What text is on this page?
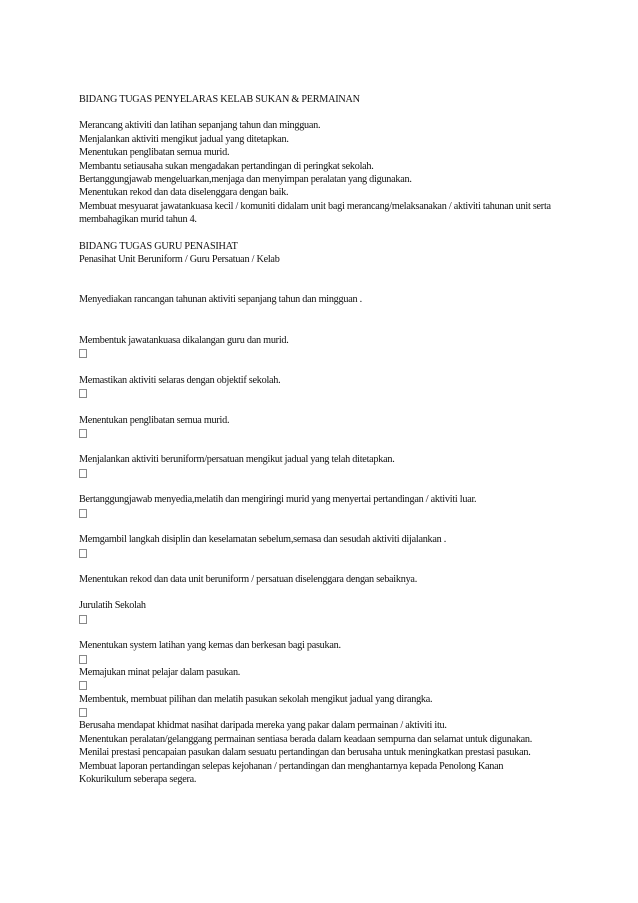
BIDANG TUGAS PENYELARAS KELAB SUKAN & PERMAINAN
Merancang aktiviti dan latihan sepanjang tahun dan mingguan.
Menjalankan aktiviti mengikut jadual yang ditetapkan.
Menentukan penglibatan semua murid.
Membantu setiausaha sukan mengadakan pertandingan di peringkat sekolah.
Bertanggungjawab mengeluarkan,menjaga dan menyimpan peralatan yang digunakan.
Menentukan rekod dan data diselenggara dengan baik.
Membuat mesyuarat jawatankuasa kecil / komuniti didalam unit bagi merancang/melaksanakan / aktiviti tahunan unit serta membahagikan murid tahun 4.
BIDANG TUGAS GURU PENASIHAT
Penasihat Unit Beruniform / Guru Persatuan / Kelab
Menyediakan rancangan tahunan aktiviti sepanjang tahun dan mingguan .
Membentuk jawatankuasa dikalangan guru dan murid.
Memastikan aktiviti selaras dengan objektif sekolah.
Menentukan penglibatan semua murid.
Menjalankan aktiviti beruniform/persatuan mengikut jadual yang telah ditetapkan.
Bertanggungjawab menyedia,melatih dan mengiringi murid yang menyertai pertandingan / aktiviti luar.
Memgambil langkah disiplin dan keselamatan sebelum,semasa dan sesudah aktiviti dijalankan .
Menentukan rekod dan data unit beruniform / persatuan diselenggara dengan sebaiknya.
Jurulatih Sekolah
Menentukan system latihan yang kemas dan berkesan bagi pasukan.
Memajukan minat pelajar dalam pasukan.
Membentuk, membuat pilihan dan melatih pasukan sekolah mengikut jadual yang dirangka.
Berusaha mendapat khidmat nasihat daripada mereka yang pakar dalam permainan / aktiviti itu.
Menentukan peralatan/gelanggang permainan sentiasa berada dalam keadaan sempurna dan selamat untuk digunakan.
Menilai prestasi pencapaian pasukan dalam sesuatu pertandingan dan berusaha untuk meningkatkan prestasi pasukan.
Membuat laporan pertandingan selepas kejohanan / pertandingan dan menghantarnya kepada Penolong Kanan Kokurikulum seberapa segera.
